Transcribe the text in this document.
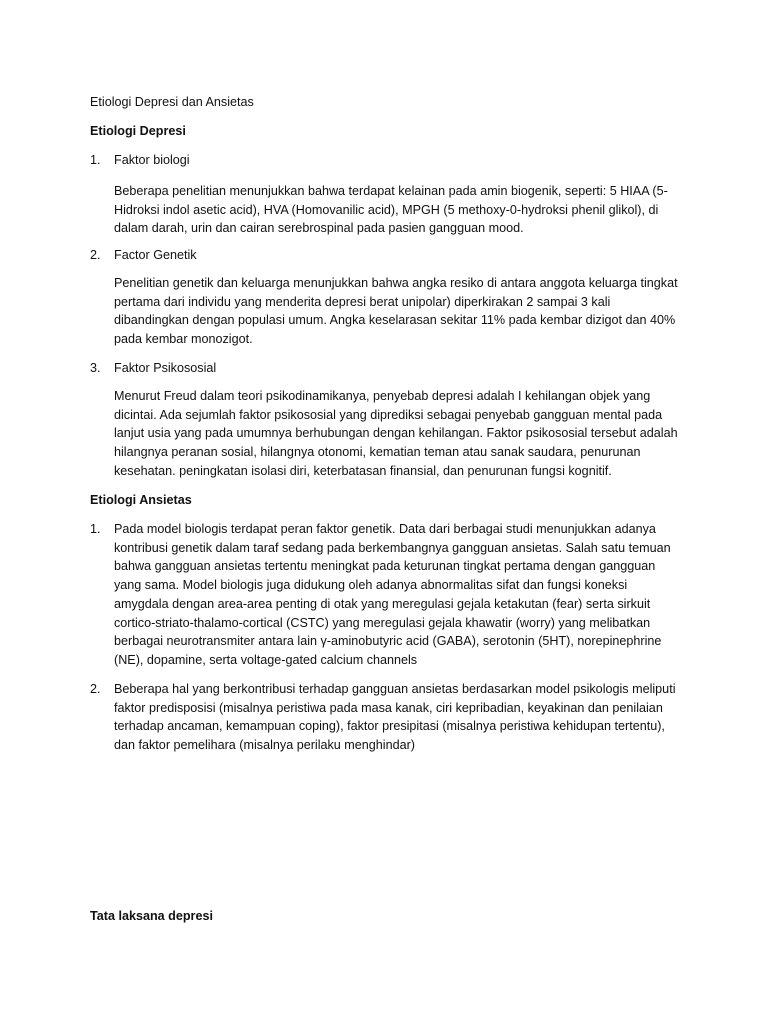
Etiologi Depresi dan Ansietas
Etiologi Depresi
1. Faktor biologi
Beberapa penelitian menunjukkan bahwa terdapat kelainan pada amin biogenik, seperti: 5 HIAA (5-
Hidroksi indol asetic acid), HVA (Homovanilic acid), MPGH (5 methoxy-0-hydroksi phenil glikol), di
dalam darah, urin dan cairan serebrospinal pada pasien gangguan mood.
2. Factor Genetik
Penelitian genetik dan keluarga menunjukkan bahwa angka resiko di antara anggota keluarga tingkat
pertama dari individu yang menderita depresi berat unipolar) diperkirakan 2 sampai 3 kali
dibandingkan dengan populasi umum. Angka keselarasan sekitar 11% pada kembar dizigot dan 40%
pada kembar monozigot.
3. Faktor Psikososial
Menurut Freud dalam teori psikodinamikanya, penyebab depresi adalah I kehilangan objek yang
dicintai. Ada sejumlah faktor psikososial yang diprediksi sebagai penyebab gangguan mental pada
lanjut usia yang pada umumnya berhubungan dengan kehilangan. Faktor psikososial tersebut adalah
hilangnya peranan sosial, hilangnya otonomi, kematian teman atau sanak saudara, penurunan
kesehatan. peningkatan isolasi diri, keterbatasan finansial, dan penurunan fungsi kognitif.
Etiologi Ansietas
1. Pada model biologis terdapat peran faktor genetik. Data dari berbagai studi menunjukkan adanya
kontribusi genetik dalam taraf sedang pada berkembangnya gangguan ansietas. Salah satu temuan
bahwa gangguan ansietas tertentu meningkat pada keturunan tingkat pertama dengan gangguan
yang sama. Model biologis juga didukung oleh adanya abnormalitas sifat dan fungsi koneksi
amygdala dengan area-area penting di otak yang meregulasi gejala ketakutan (fear) serta sirkuit
cortico-striato-thalamo-cortical (CSTC) yang meregulasi gejala khawatir (worry) yang melibatkan
berbagai neurotransmiter antara lain γ-aminobutyric acid (GABA), serotonin (5HT), norepinephrine
(NE), dopamine, serta voltage-gated calcium channels
2. Beberapa hal yang berkontribusi terhadap gangguan ansietas berdasarkan model psikologis meliputi
faktor predisposisi (misalnya peristiwa pada masa kanak, ciri kepribadian, keyakinan dan penilaian
terhadap ancaman, kemampuan coping), faktor presipitasi (misalnya peristiwa kehidupan tertentu),
dan faktor pemelihara (misalnya perilaku menghindar)
Tata laksana depresi
